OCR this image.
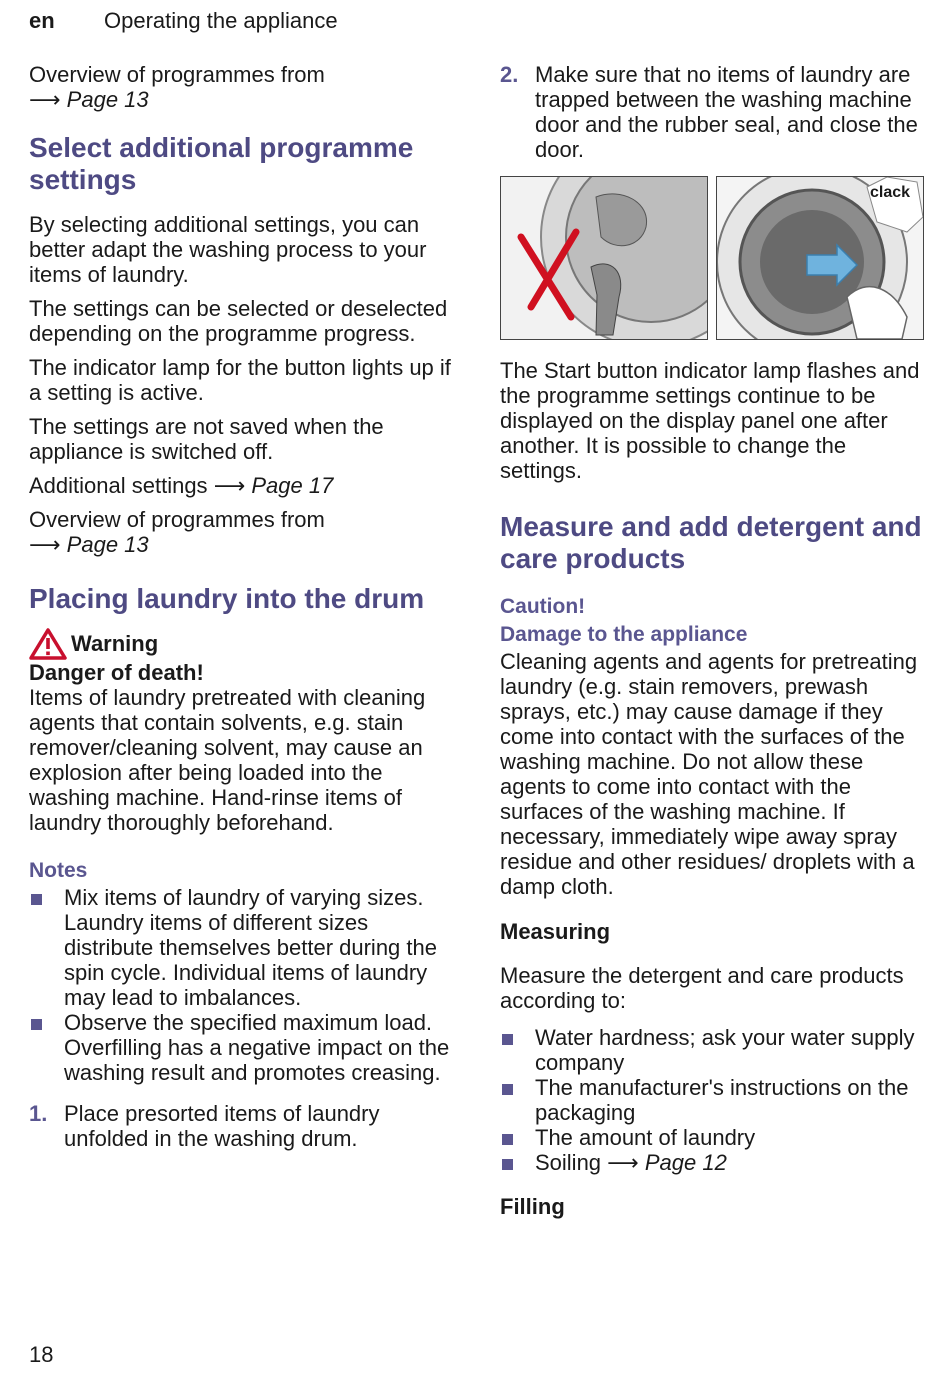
en Operating the appliance

Overview of programmes from
⟶ Page 13

Select additional programme settings

By selecting additional settings, you can better adapt the washing process to your items of laundry.

The settings can be selected or deselected depending on the programme progress.

The indicator lamp for the button lights up if a setting is active.

The settings are not saved when the appliance is switched off.

Additional settings ⟶ Page 17

Overview of programmes from
⟶ Page 13

Placing laundry into the drum
Warning

Danger of death!

Items of laundry pretreated with cleaning agents that contain solvents, e.g. stain remover/cleaning solvent, may cause an explosion after being loaded into the washing machine. Hand-rinse items of laundry thoroughly beforehand.

Notes

Mix items of laundry of varying sizes. Laundry items of different sizes distribute themselves better during the spin cycle. Individual items of laundry may lead to imbalances.
Observe the specified maximum load. Overfilling has a negative impact on the washing result and promotes creasing.
1. Place presorted items of laundry unfolded in the washing drum.
2. Make sure that no items of laundry are trapped between the washing machine door and the rubber seal, and close the door.
clack

The Start button indicator lamp flashes and the programme settings continue to be displayed on the display panel one after another. It is possible to change the settings.

Measure and add detergent and care products

Caution!

Damage to the appliance

Cleaning agents and agents for pretreating laundry (e.g. stain removers, prewash sprays, etc.) may cause damage if they come into contact with the surfaces of the washing machine. Do not allow these agents to come into contact with the surfaces of the washing machine. If necessary, immediately wipe away spray residue and other residues/ droplets with a damp cloth.

Measuring

Measure the detergent and care products according to:

Water hardness; ask your water supply company
The manufacturer's instructions on the packaging
The amount of laundry
Soiling ⟶ Page 12

Filling

18
